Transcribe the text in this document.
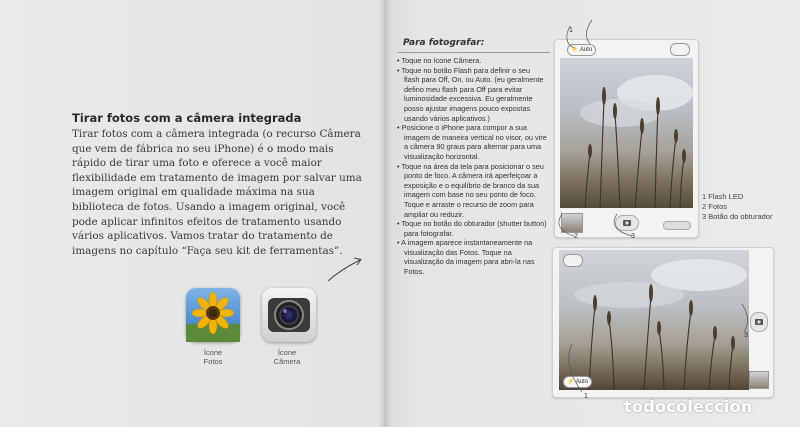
Tirar fotos com a câmera integrada

Tirar fotos com a câmera integrada (o recurso Câmera que vem de fábrica no seu iPhone) é o modo mais rápido de tirar uma foto e oferece a você maior flexibilidade em tratamento de imagem por salvar uma imagem original em qualidade máxima na sua biblioteca de fotos. Usando a imagem original, você pode aplicar infinitos efeitos de tratamento usando vários aplicativos. Vamos tratar do tratamento de imagens no capítulo “Faça seu kit de ferramentas”.

Ícone
Fotos

Ícone
Câmera

Para fotografar:
• Toque no ícone Câmera.
• Toque no botão Flash para definir o seu flash para Off, On, ou Auto. (eu geralmente defino meu flash para Off para evitar luminosidade excessiva. Eu geralmente posso ajustar imagens pouco expostas usando vários aplicativos.)
• Posicione o iPhone para compor a sua imagem de maneira vertical no visor, ou vire a câmera 90 graus para alternar para uma visualização horizontal.
• Toque na área da tela para posicionar o seu ponto de foco. A câmera irá aperfeiçoar a exposição e o equilíbrio de branco da sua imagem com base no seu ponto de foco. Toque e arraste o recurso de zoom para ampliar ou reduzir.
• Toque no botão do obturador (shutter button) para fotografar.
• A imagem aparece instantaneamente na visualização das Fotos. Toque na visualização da imagem para abri-la nas Fotos.
⚡ Auto
⚡ Auto

1

2	3

1

3

1 Flash LED
2 Fotos
3 Botão do obturador

todocoleccion
